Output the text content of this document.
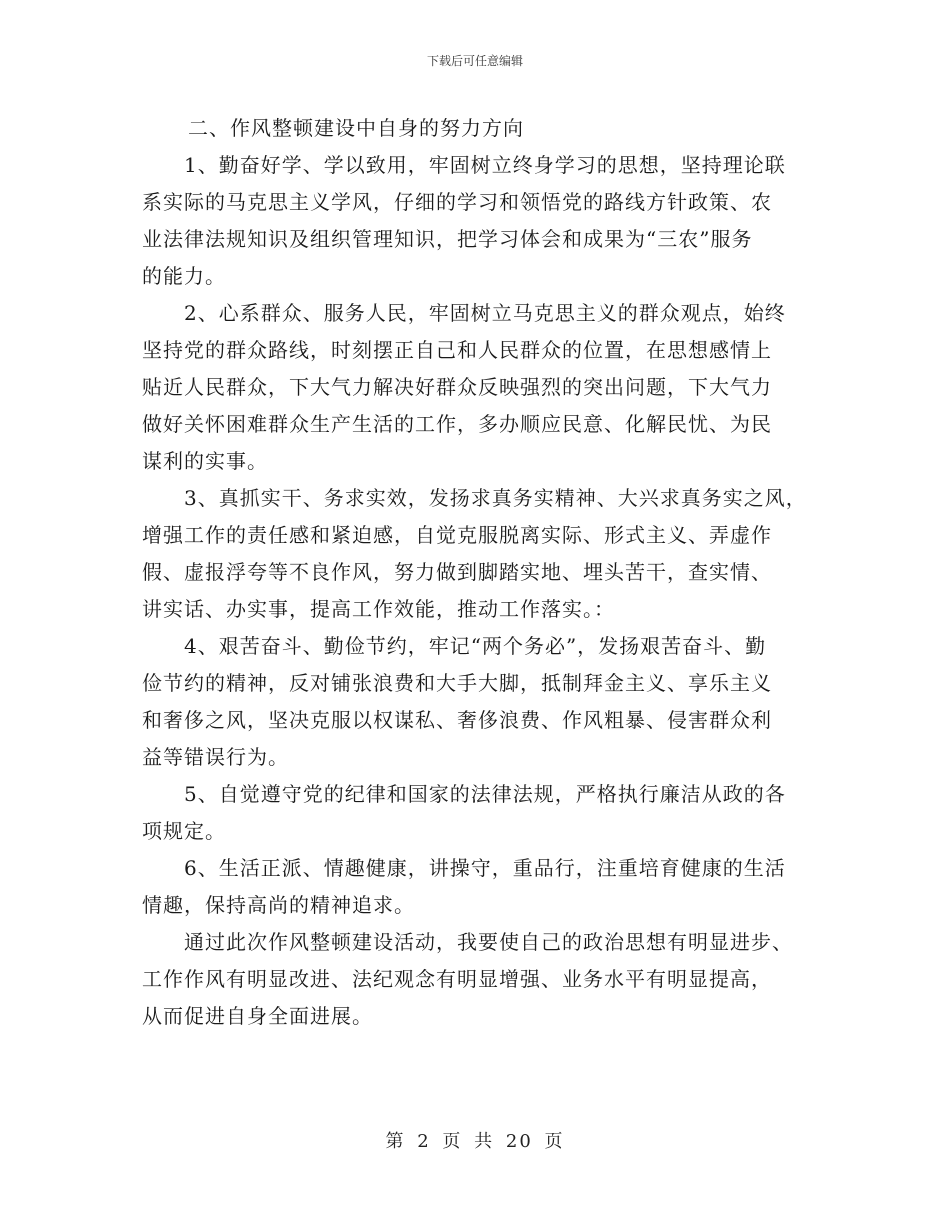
下载后可任意编辑
二、作风整顿建设中自身的努力方向
　　1、勤奋好学、学以致用，牢固树立终身学习的思想，坚持理论联
系实际的马克思主义学风，仔细的学习和领悟党的路线方针政策、农
业法律法规知识及组织管理知识，把学习体会和成果为“三农”服务
的能力。
　　2、心系群众、服务人民，牢固树立马克思主义的群众观点，始终
坚持党的群众路线，时刻摆正自己和人民群众的位置，在思想感情上
贴近人民群众，下大气力解决好群众反映强烈的突出问题，下大气力
做好关怀困难群众生产生活的工作，多办顺应民意、化解民忧、为民
谋利的实事。
　　3、真抓实干、务求实效，发扬求真务实精神、大兴求真务实之风，
增强工作的责任感和紧迫感，自觉克服脱离实际、形式主义、弄虚作
假、虚报浮夸等不良作风，努力做到脚踏实地、埋头苦干，查实情、
讲实话、办实事，提高工作效能，推动工作落实。：
　　4、艰苦奋斗、勤俭节约，牢记“两个务必”，发扬艰苦奋斗、勤
俭节约的精神，反对铺张浪费和大手大脚，抵制拜金主义、享乐主义
和奢侈之风，坚决克服以权谋私、奢侈浪费、作风粗暴、侵害群众利
益等错误行为。
　　5、自觉遵守党的纪律和国家的法律法规，严格执行廉洁从政的各
项规定。
　　6、生活正派、情趣健康，讲操守，重品行，注重培育健康的生活
情趣，保持高尚的精神追求。
　　通过此次作风整顿建设活动，我要使自己的政治思想有明显进步、
工作作风有明显改进、法纪观念有明显增强、业务水平有明显提高，
从而促进自身全面进展。
第 2 页 共 20 页
